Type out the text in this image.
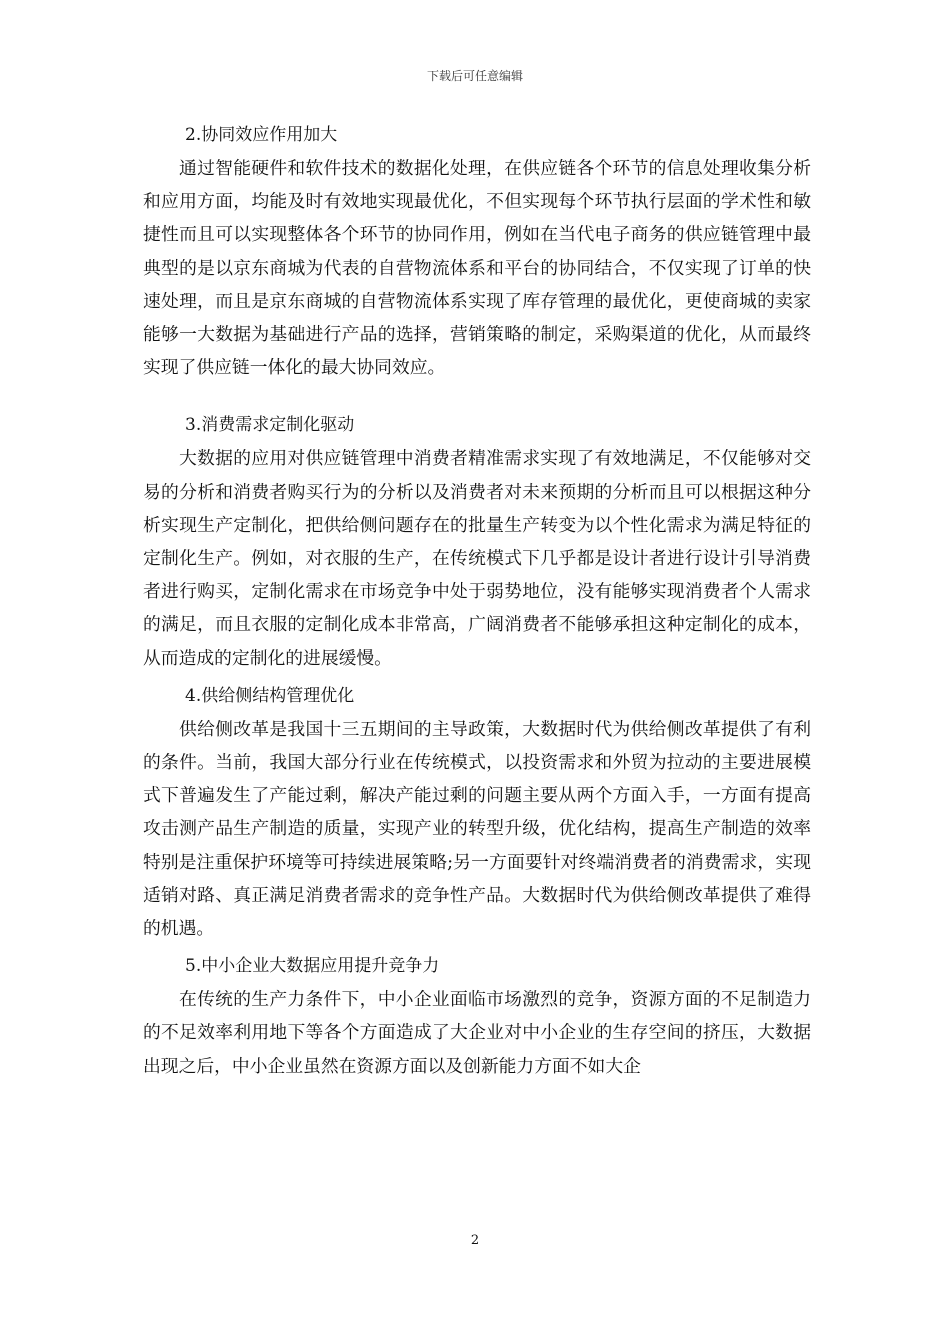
下载后可任意编辑
2.协同效应作用加大

通过智能硬件和软件技术的数据化处理，在供应链各个环节的信息处理收集分析和应用方面，均能及时有效地实现最优化，不但实现每个环节执行层面的学术性和敏捷性而且可以实现整体各个环节的协同作用，例如在当代电子商务的供应链管理中最典型的是以京东商城为代表的自营物流体系和平台的协同结合，不仅实现了订单的快速处理，而且是京东商城的自营物流体系实现了库存管理的最优化，更使商城的卖家能够一大数据为基础进行产品的选择，营销策略的制定，采购渠道的优化，从而最终实现了供应链一体化的最大协同效应。

3.消费需求定制化驱动

大数据的应用对供应链管理中消费者精准需求实现了有效地满足，不仅能够对交易的分析和消费者购买行为的分析以及消费者对未来预期的分析而且可以根据这种分析实现生产定制化，把供给侧问题存在的批量生产转变为以个性化需求为满足特征的定制化生产。例如，对衣服的生产，在传统模式下几乎都是设计者进行设计引导消费者进行购买，定制化需求在市场竞争中处于弱势地位，没有能够实现消费者个人需求的满足，而且衣服的定制化成本非常高，广阔消费者不能够承担这种定制化的成本，从而造成的定制化的进展缓慢。

4.供给侧结构管理优化

供给侧改革是我国十三五期间的主导政策，大数据时代为供给侧改革提供了有利的条件。当前，我国大部分行业在传统模式，以投资需求和外贸为拉动的主要进展模式下普遍发生了产能过剩，解决产能过剩的问题主要从两个方面入手，一方面有提高攻击测产品生产制造的质量，实现产业的转型升级，优化结构，提高生产制造的效率特别是注重保护环境等可持续进展策略;另一方面要针对终端消费者的消费需求，实现适销对路、真正满足消费者需求的竞争性产品。大数据时代为供给侧改革提供了难得的机遇。

5.中小企业大数据应用提升竞争力

在传统的生产力条件下，中小企业面临市场激烈的竞争，资源方面的不足制造力的不足效率利用地下等各个方面造成了大企业对中小企业的生存空间的挤压，大数据出现之后，中小企业虽然在资源方面以及创新能力方面不如大企

2
